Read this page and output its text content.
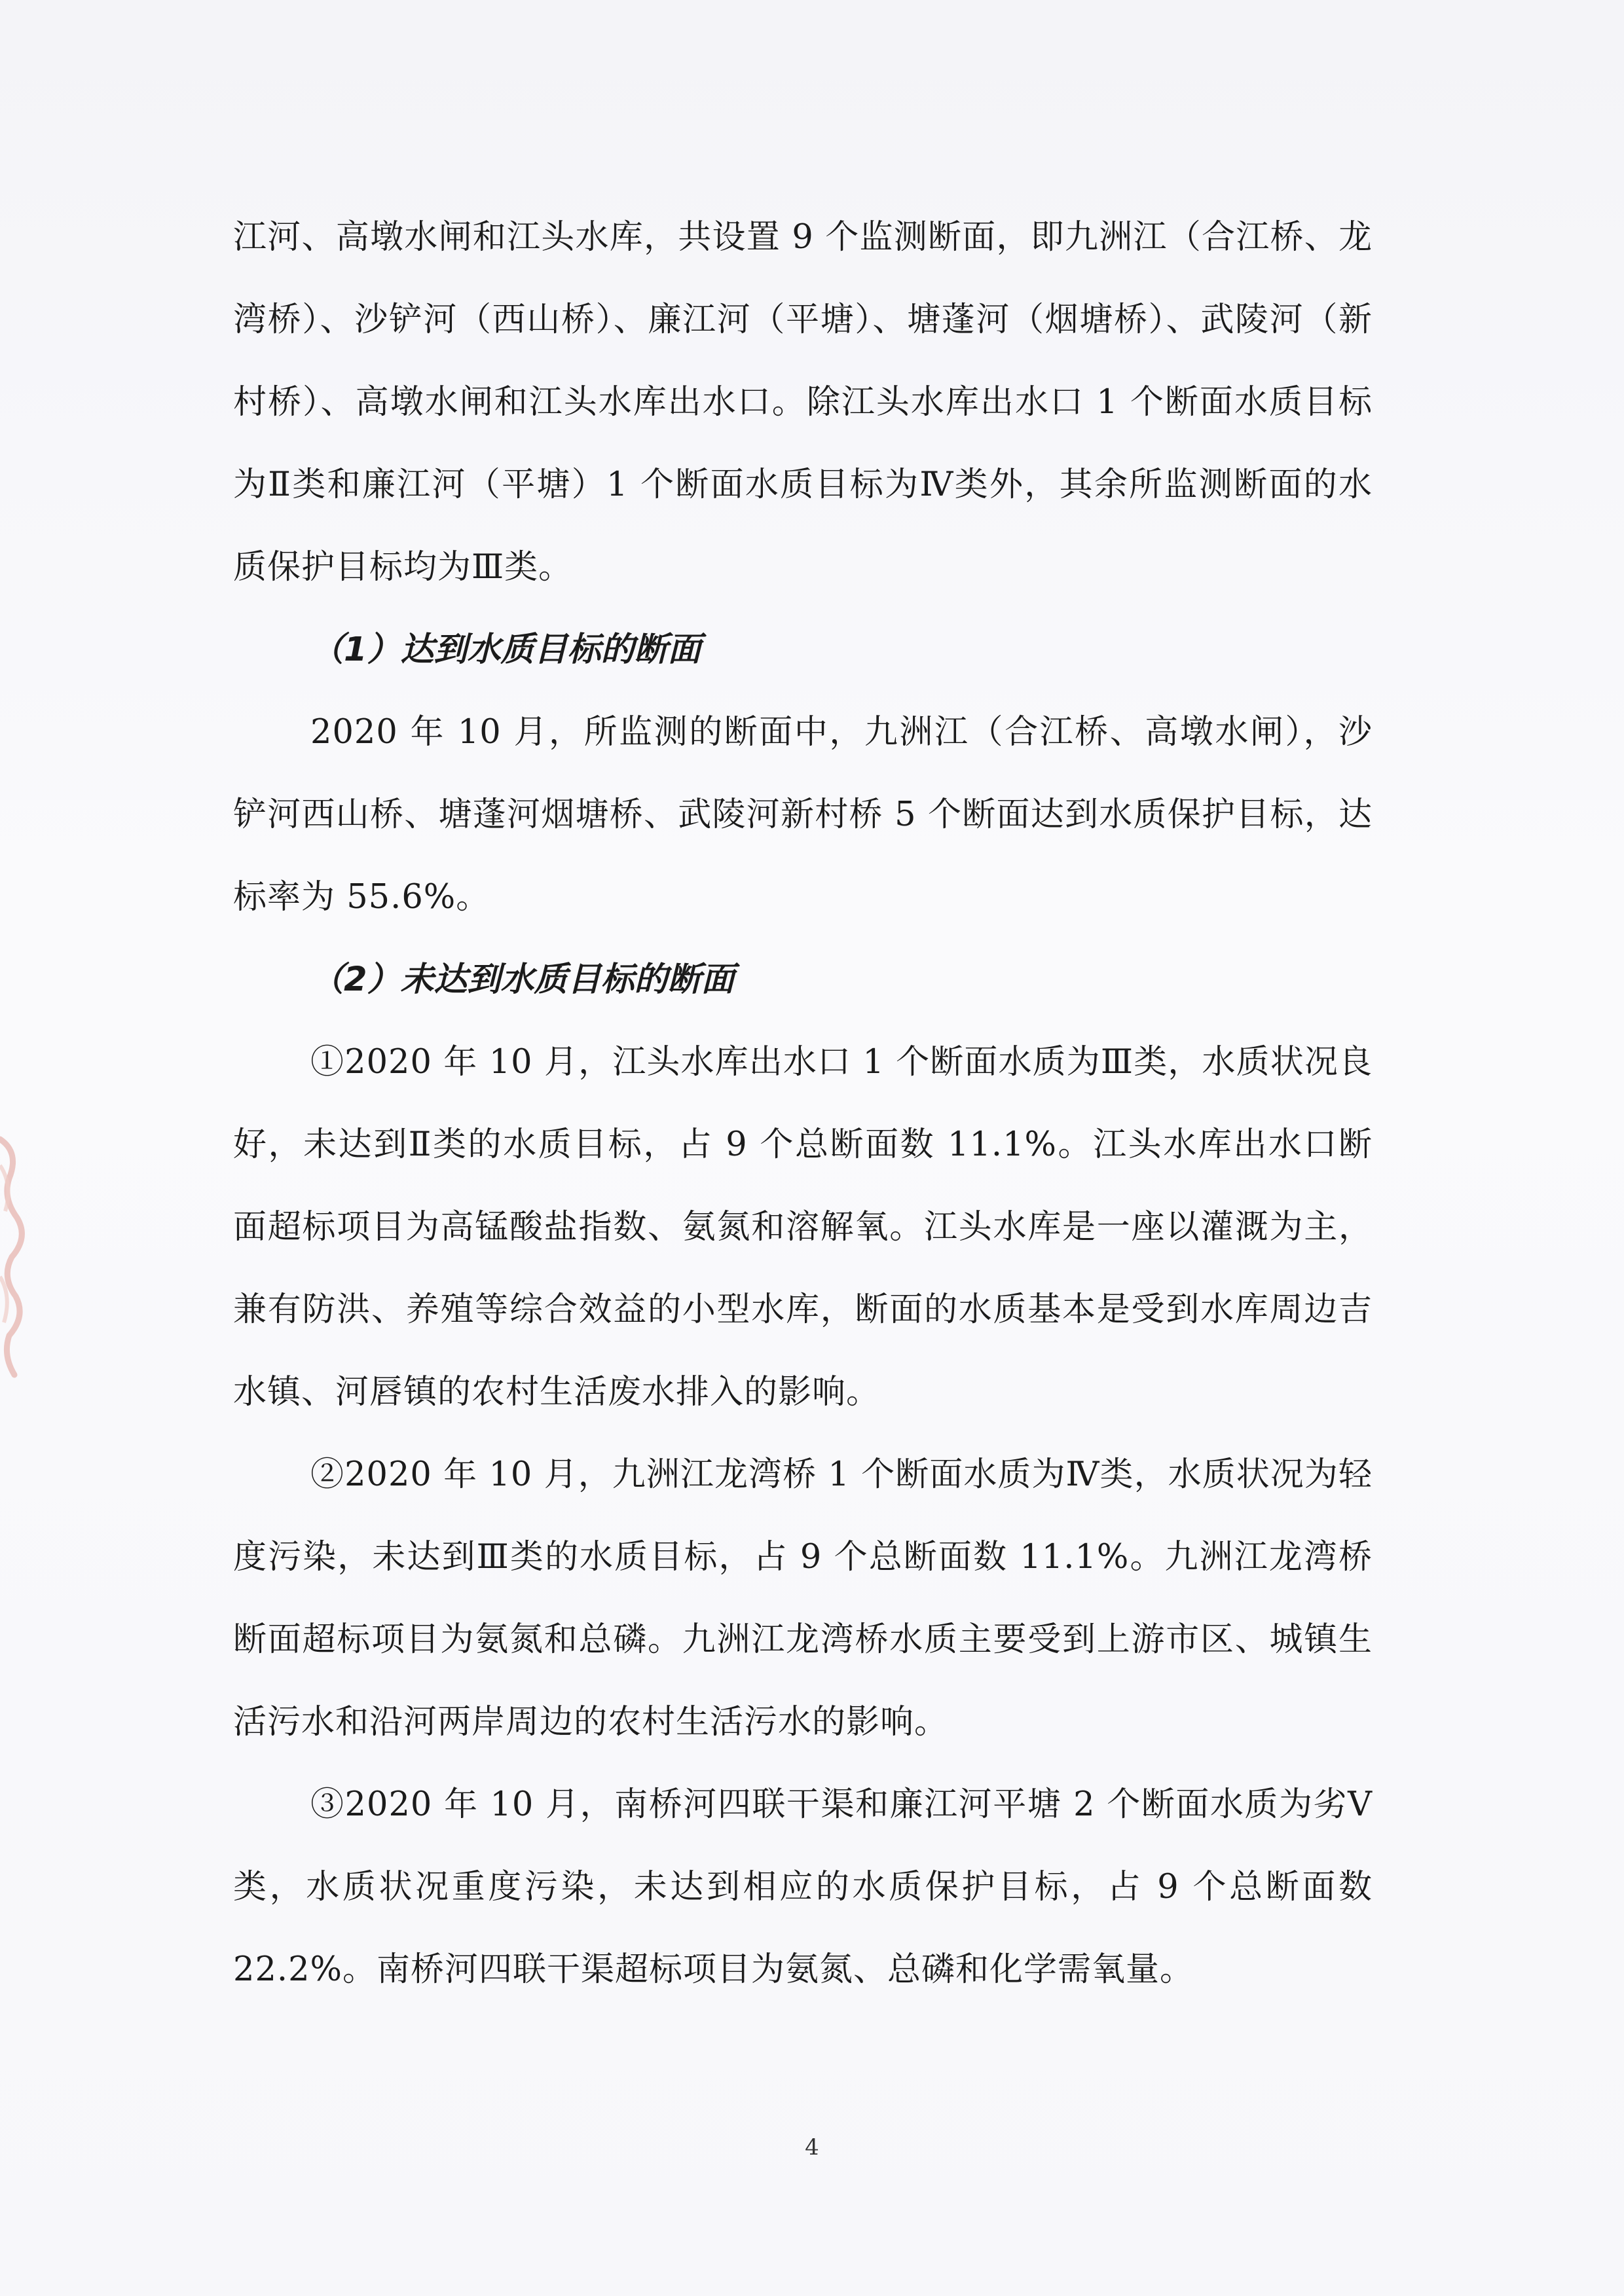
江河、高墩水闸和江头水库，共设置 9 个监测断面，即九洲江（合江桥、龙湾桥）、沙铲河（西山桥）、廉江河（平塘）、塘蓬河（烟塘桥）、武陵河（新村桥）、高墩水闸和江头水库出水口。除江头水库出水口 1 个断面水质目标为Ⅱ类和廉江河（平塘）1 个断面水质目标为Ⅳ类外，其余所监测断面的水质保护目标均为Ⅲ类。

（1）达到水质目标的断面

2020 年 10 月，所监测的断面中，九洲江（合江桥、高墩水闸），沙铲河西山桥、塘蓬河烟塘桥、武陵河新村桥 5 个断面达到水质保护目标，达标率为 55.6%。

（2）未达到水质目标的断面

①2020 年 10 月，江头水库出水口 1 个断面水质为Ⅲ类，水质状况良好，未达到Ⅱ类的水质目标，占 9 个总断面数 11.1%。江头水库出水口断面超标项目为高锰酸盐指数、氨氮和溶解氧。江头水库是一座以灌溉为主，兼有防洪、养殖等综合效益的小型水库，断面的水质基本是受到水库周边吉水镇、河唇镇的农村生活废水排入的影响。

②2020 年 10 月，九洲江龙湾桥 1 个断面水质为Ⅳ类，水质状况为轻度污染，未达到Ⅲ类的水质目标，占 9 个总断面数 11.1%。九洲江龙湾桥断面超标项目为氨氮和总磷。九洲江龙湾桥水质主要受到上游市区、城镇生活污水和沿河两岸周边的农村生活污水的影响。

③2020 年 10 月，南桥河四联干渠和廉江河平塘 2 个断面水质为劣Ⅴ类，水质状况重度污染，未达到相应的水质保护目标，占 9 个总断面数 22.2%。南桥河四联干渠超标项目为氨氮、总磷和化学需氧量。

4
